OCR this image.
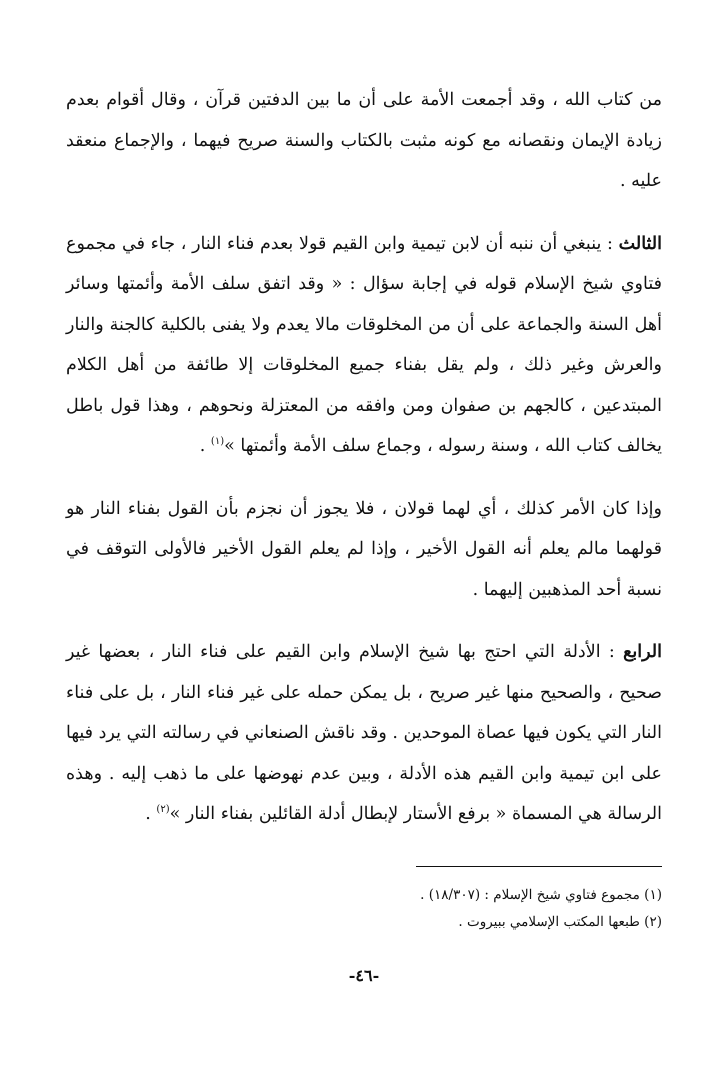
من كتاب الله ، وقد أجمعت الأمة على أن ما بين الدفتين قرآن ، وقال أقوام بعدم زيادة الإيمان ونقصانه مع كونه مثبت بالكتاب والسنة صريح فيهما ، والإجماع منعقد عليه .

الثالث : ينبغي أن ننبه أن لابن تيمية وابن القيم قولا بعدم فناء النار ، جاء في مجموع فتاوي شيخ الإسلام قوله في إجابة سؤال : « وقد اتفق سلف الأمة وأئمتها وسائر أهل السنة والجماعة على أن من المخلوقات مالا يعدم ولا يفنى بالكلية كالجنة والنار والعرش وغير ذلك ، ولم يقل بفناء جميع المخلوقات إلا طائفة من أهل الكلام المبتدعين ، كالجهم بن صفوان ومن وافقه من المعتزلة ونحوهم ، وهذا قول باطل يخالف كتاب الله ، وسنة رسوله ، وجماع سلف الأمة وأئمتها »$^{(١)}$ .

وإذا كان الأمر كذلك ، أي لهما قولان ، فلا يجوز أن نجزم بأن القول بفناء النار هو قولهما مالم يعلم أنه القول الأخير ، وإذا لم يعلم القول الأخير فالأولى التوقف في نسبة أحد المذهبين إليهما .

الرابع : الأدلة التي احتج بها شيخ الإسلام وابن القيم على فناء النار ، بعضها غير صحيح ، والصحيح منها غير صريح ، بل يمكن حمله على غير فناء النار ، بل على فناء النار التي يكون فيها عصاة الموحدين . وقد ناقش الصنعاني في رسالته التي يرد فيها على ابن تيمية وابن القيم هذه الأدلة ، وبين عدم نهوضها على ما ذهب إليه . وهذه الرسالة هي المسماة « برفع الأستار لإبطال أدلة القائلين بفناء النار »$^{(٢)}$ .

(١) مجموع فتاوي شيخ الإسلام : (١٨/٣٠٧) .
(٢) طبعها المكتب الإسلامي ببيروت .
-٤٦-
